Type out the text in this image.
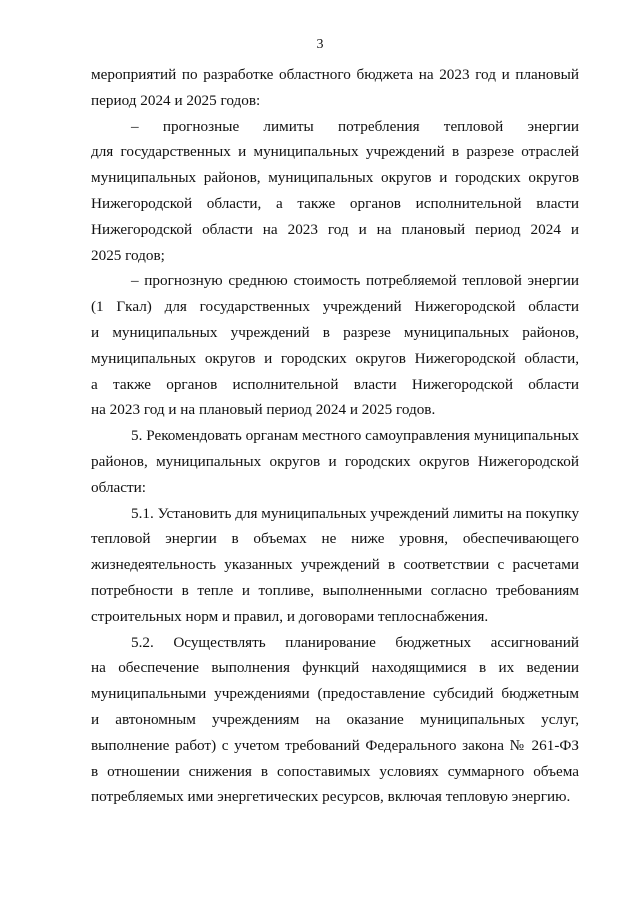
3
мероприятий по разработке областного бюджета на 2023 год и плановый
период 2024 и 2025 годов:
– прогнозные лимиты потребления тепловой энергии
для государственных и муниципальных учреждений в разрезе отраслей
муниципальных районов, муниципальных округов и городских округов
Нижегородской области, а также органов исполнительной власти
Нижегородской области на 2023 год и на плановый период 2024 и
2025 годов;
– прогнозную среднюю стоимость потребляемой тепловой энергии
(1 Гкал) для государственных учреждений Нижегородской области
и муниципальных учреждений в разрезе муниципальных районов,
муниципальных округов и городских округов Нижегородской области,
а также органов исполнительной власти Нижегородской области
на 2023 год и на плановый период 2024 и 2025 годов.
5. Рекомендовать органам местного самоуправления муниципальных
районов, муниципальных округов и городских округов Нижегородской
области:
5.1. Установить для муниципальных учреждений лимиты на покупку
тепловой энергии в объемах не ниже уровня, обеспечивающего
жизнедеятельность указанных учреждений в соответствии с расчетами
потребности в тепле и топливе, выполненными согласно требованиям
строительных норм и правил, и договорами теплоснабжения.
5.2. Осуществлять планирование бюджетных ассигнований
на обеспечение выполнения функций находящимися в их ведении
муниципальными учреждениями (предоставление субсидий бюджетным
и автономным учреждениям на оказание муниципальных услуг,
выполнение работ) с учетом требований Федерального закона № 261-ФЗ
в отношении снижения в сопоставимых условиях суммарного объема
потребляемых ими энергетических ресурсов, включая тепловую энергию.
